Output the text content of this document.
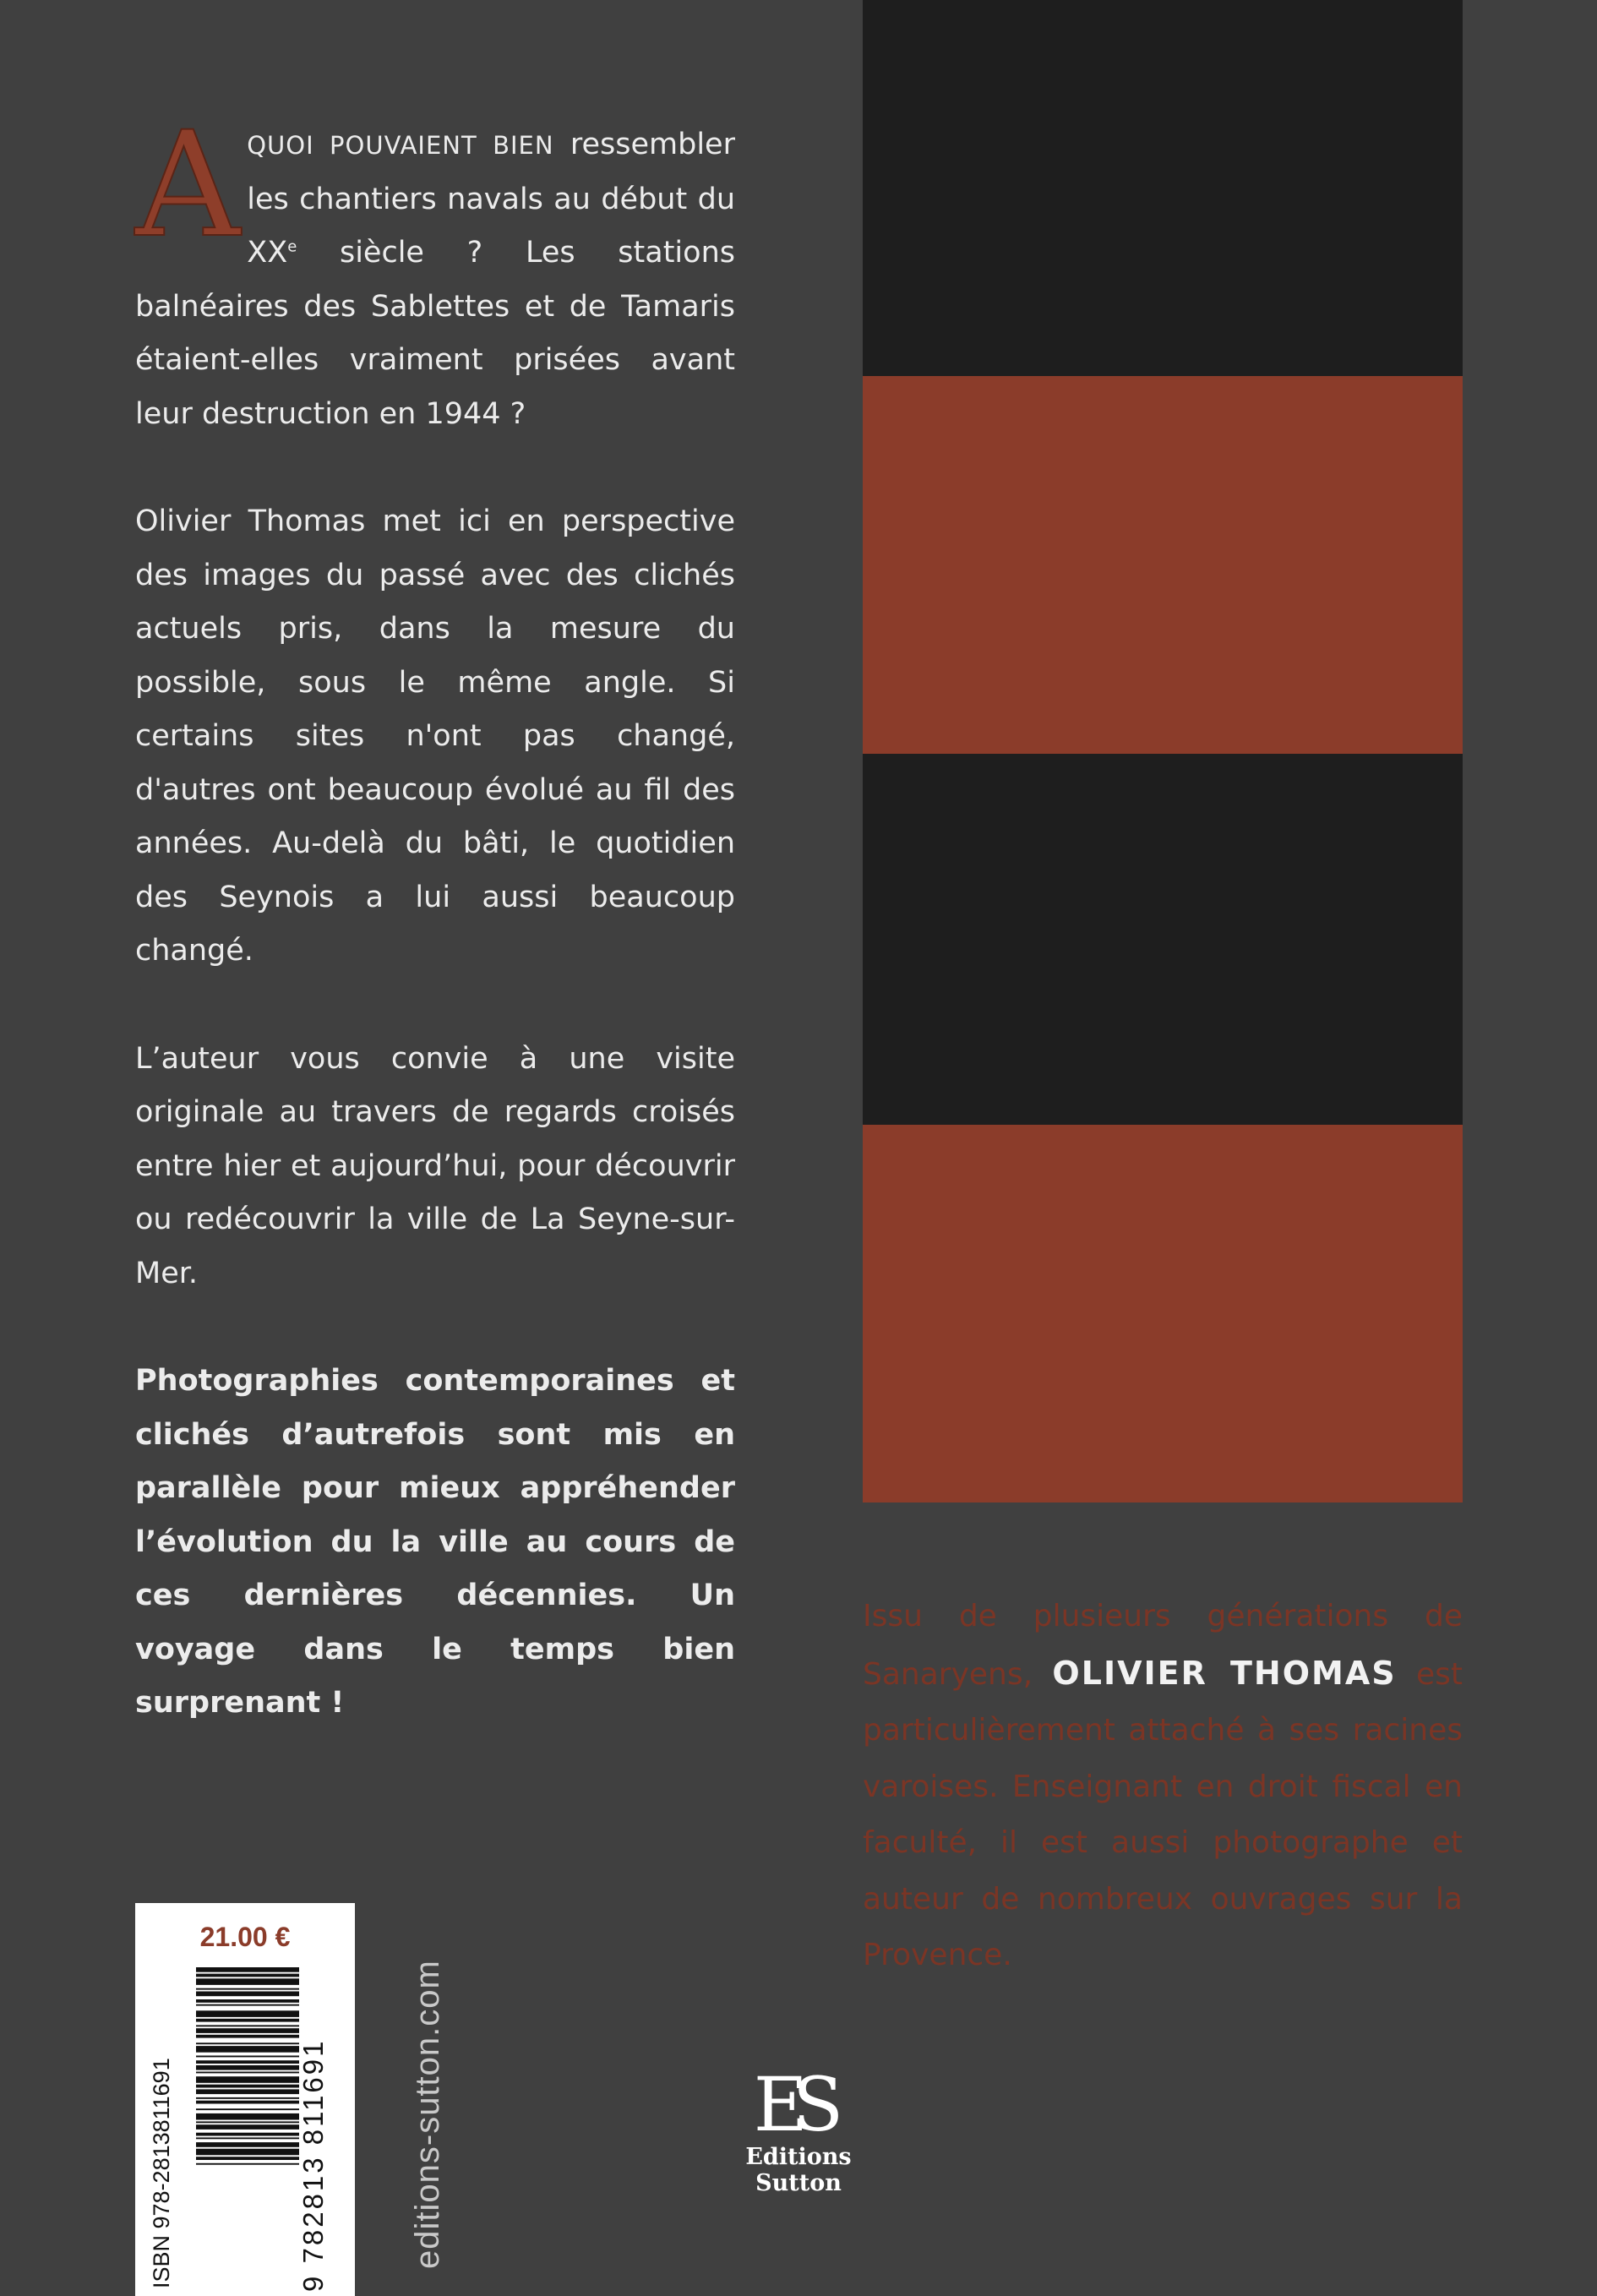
AQUOI POUVAIENT BIEN ressembler les chantiers navals au début du XXe siècle ? Les stations balnéaires des Sablettes et de Tamaris étaient-elles vraiment prisées avant leur destruction en 1944 ?

Olivier Thomas met ici en perspective des images du passé avec des clichés actuels pris, dans la mesure du possible, sous le même angle. Si certains sites n'ont pas changé, d'autres ont beaucoup évolué au fil des années. Au-delà du bâti, le quotidien des Seynois a lui aussi beaucoup changé.

L’auteur vous convie à une visite originale au travers de regards croisés entre hier et aujourd’hui, pour découvrir ou redécouvrir la ville de La Seyne-sur-Mer.

Photographies contemporaines et clichés d’autrefois sont mis en parallèle pour mieux appréhender l’évolution du la ville au cours de ces dernières décennies. Un voyage dans le temps bien surprenant !

Issu de plusieurs générations de Sanaryens, OLIVIER THOMAS est particulièrement attaché à ses racines varoises. Enseignant en droit fiscal en faculté, il est aussi photographe et auteur de nombreux ouvrages sur la Provence.
21.00 €
ISBN 978-2813811691	9 782813 811691 editions-sutton.com	ES
Editions
Sutton
